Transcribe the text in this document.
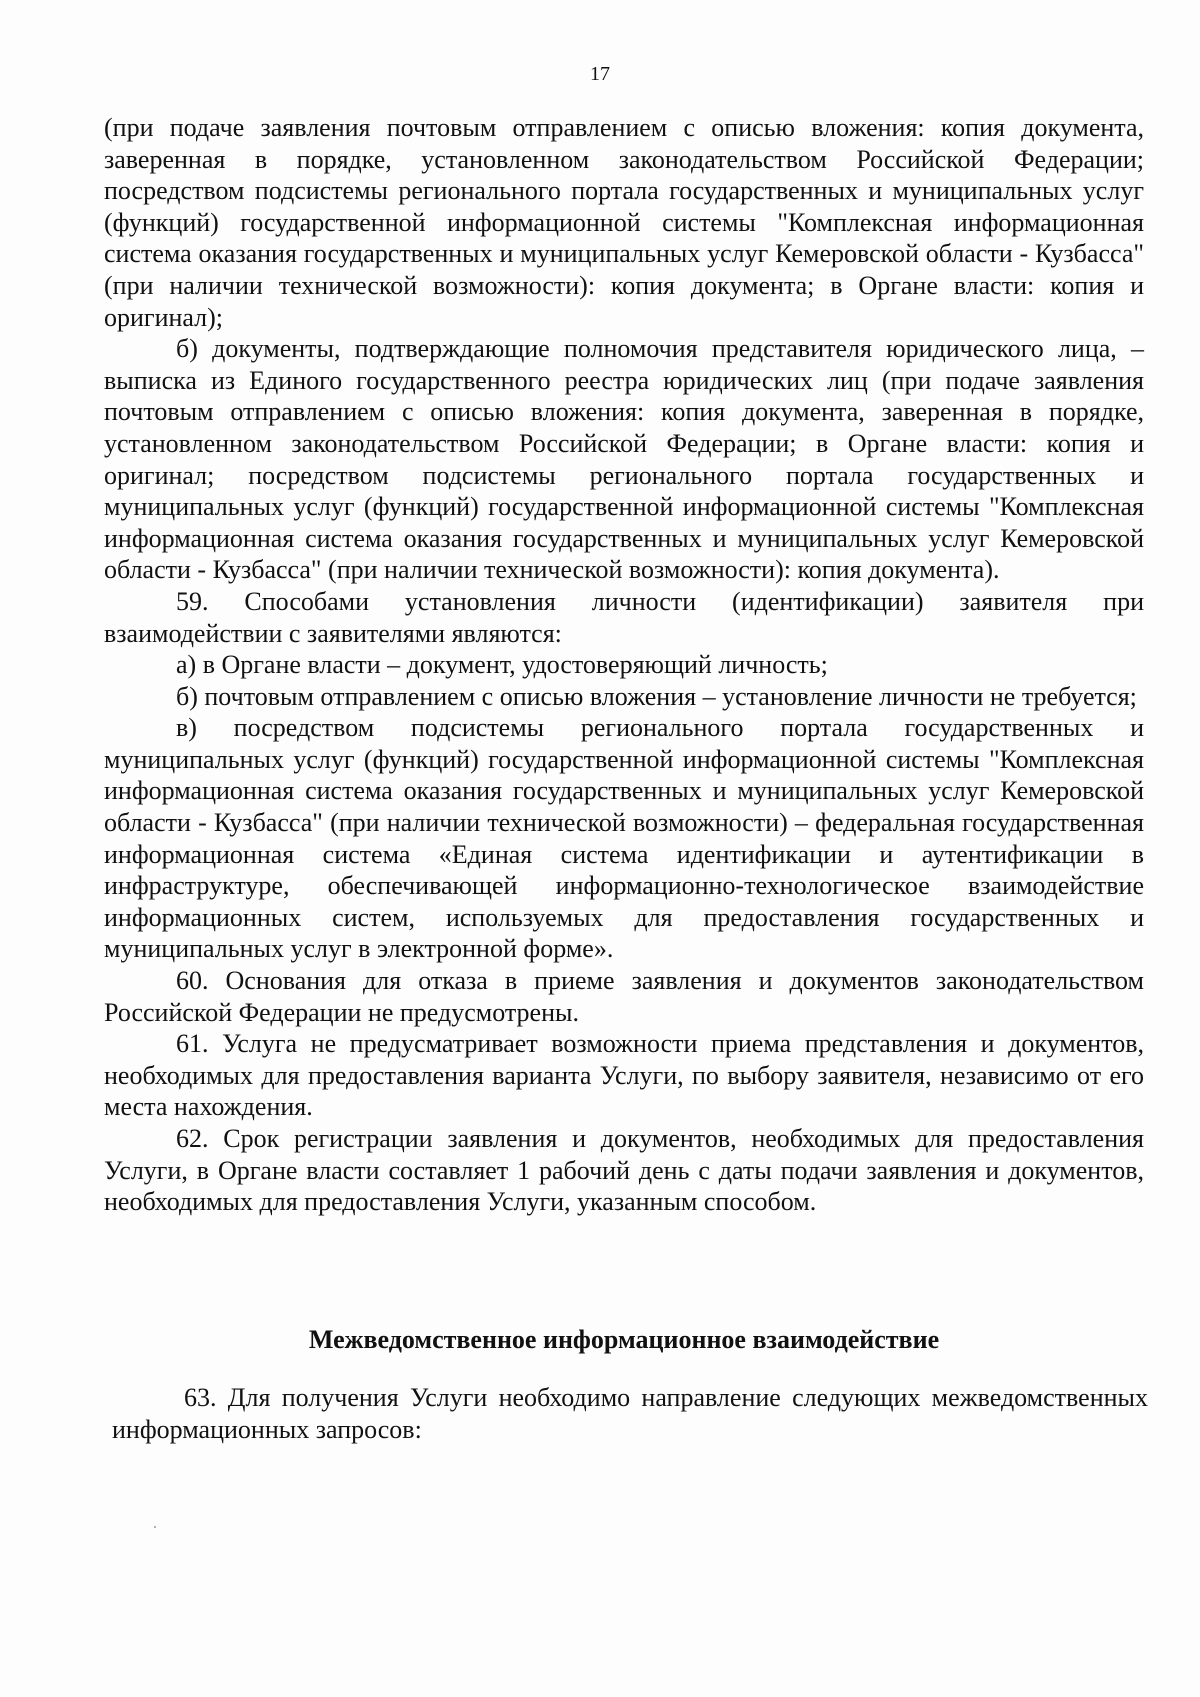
17

(при подаче заявления почтовым отправлением с описью вложения: копия документа, заверенная в порядке, установленном законодательством Российской Федерации; посредством подсистемы регионального портала государственных и муниципальных услуг (функций) государственной информационной системы "Комплексная информационная система оказания государственных и муниципальных услуг Кемеровской области - Кузбасса" (при наличии технической возможности): копия документа; в Органе власти: копия и оригинал);

б) документы, подтверждающие полномочия представителя юридического лица, – выписка из Единого государственного реестра юридических лиц (при подаче заявления почтовым отправлением с описью вложения: копия документа, заверенная в порядке, установленном законодательством Российской Федерации; в Органе власти: копия и оригинал; посредством подсистемы регионального портала государственных и муниципальных услуг (функций) государственной информационной системы "Комплексная информационная система оказания государственных и муниципальных услуг Кемеровской области - Кузбасса" (при наличии технической возможности): копия документа).

59. Способами установления личности (идентификации) заявителя при взаимодействии с заявителями являются:

а) в Органе власти – документ, удостоверяющий личность;

б) почтовым отправлением с описью вложения – установление личности не требуется;

в) посредством подсистемы регионального портала государственных и муниципальных услуг (функций) государственной информационной системы "Комплексная информационная система оказания государственных и муниципальных услуг Кемеровской области - Кузбасса" (при наличии технической возможности) – федеральная государственная информационная система «Единая система идентификации и аутентификации в инфраструктуре, обеспечивающей информационно-технологическое взаимодействие информационных систем, используемых для предоставления государственных и муниципальных услуг в электронной форме».

60. Основания для отказа в приеме заявления и документов законодательством Российской Федерации не предусмотрены.

61. Услуга не предусматривает возможности приема представления и документов, необходимых для предоставления варианта Услуги, по выбору заявителя, независимо от его места нахождения.

62. Срок регистрации заявления и документов, необходимых для предоставления Услуги, в Органе власти составляет 1 рабочий день с даты подачи заявления и документов, необходимых для предоставления Услуги, указанным способом.

Межведомственное информационное взаимодействие

63. Для получения Услуги необходимо направление следующих межведомственных информационных запросов:
